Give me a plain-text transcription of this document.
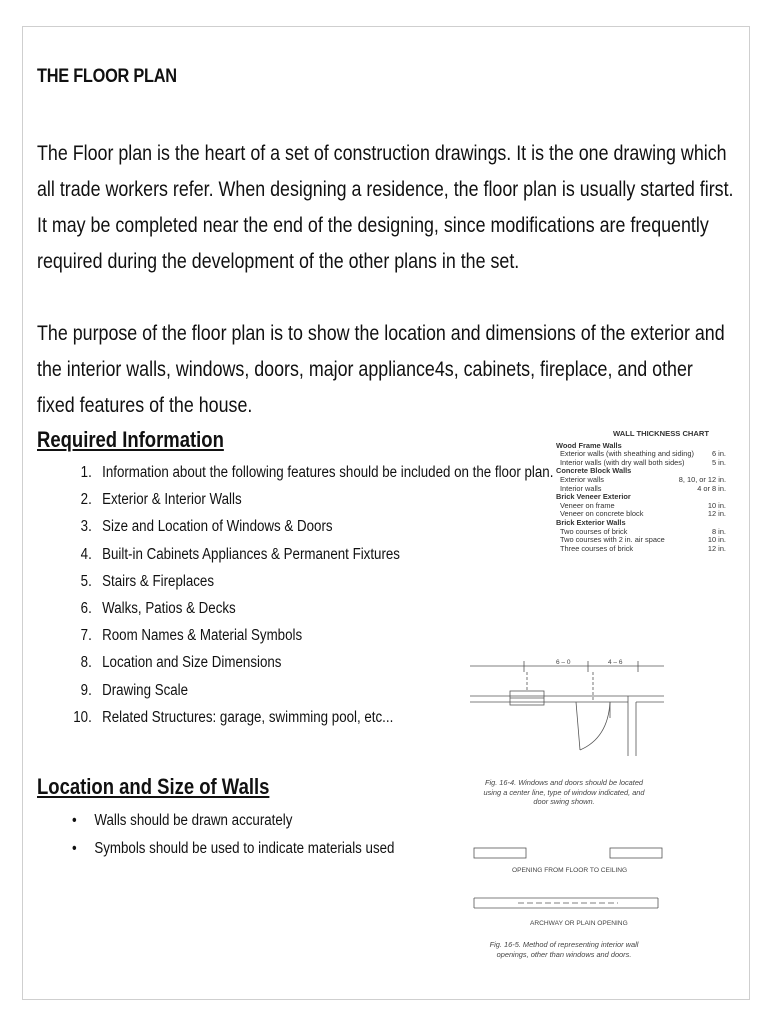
THE FLOOR PLAN

The Floor plan is the heart of a set of construction drawings. It is the one drawing which all trade workers refer. When designing a residence, the floor plan is usually started first. It may be completed near the end of the designing, since modifications are frequently required during the development of the other plans in the set.

The purpose of the floor plan is to show the location and dimensions of the exterior and the interior walls, windows, doors, major appliance4s, cabinets, fireplace, and other fixed features of the house.

Required Information
1. Information about the following features should be included on the floor plan.
2. Exterior & Interior Walls
3. Size and Location of Windows & Doors
4. Built-in Cabinets Appliances & Permanent Fixtures
5. Stairs & Fireplaces
6. Walks, Patios & Decks
7. Room Names & Material Symbols
8. Location and Size Dimensions
9. Drawing Scale
10. Related Structures: garage, swimming pool, etc...
Location and Size of Walls
• Walls should be drawn accurately
• Symbols should be used to indicate materials used
WALL THICKNESS CHART
Wood Frame Walls
Exterior walls (with sheathing and siding) 6 in.
Interior walls (with dry wall both sides)	5 in.
Concrete Block Walls
Exterior walls	8, 10, or 12 in.
Interior walls	4 or 8 in.
Brick Veneer Exterior
Veneer on frame	10 in.
Veneer on concrete block	12 in.
Brick Exterior Walls
Two courses of brick	8 in.
Two courses with 2 in. air space	10 in.
Three courses of brick	12 in.
6 – 0	4 – 6
Fig. 16-4. Windows and doors should be located using a center line, type of window indicated, and door swing shown.
OPENING FROM FLOOR TO CEILING
ARCHWAY OR PLAIN OPENING
Fig. 16-5. Method of representing interior wall openings, other than windows and doors.
